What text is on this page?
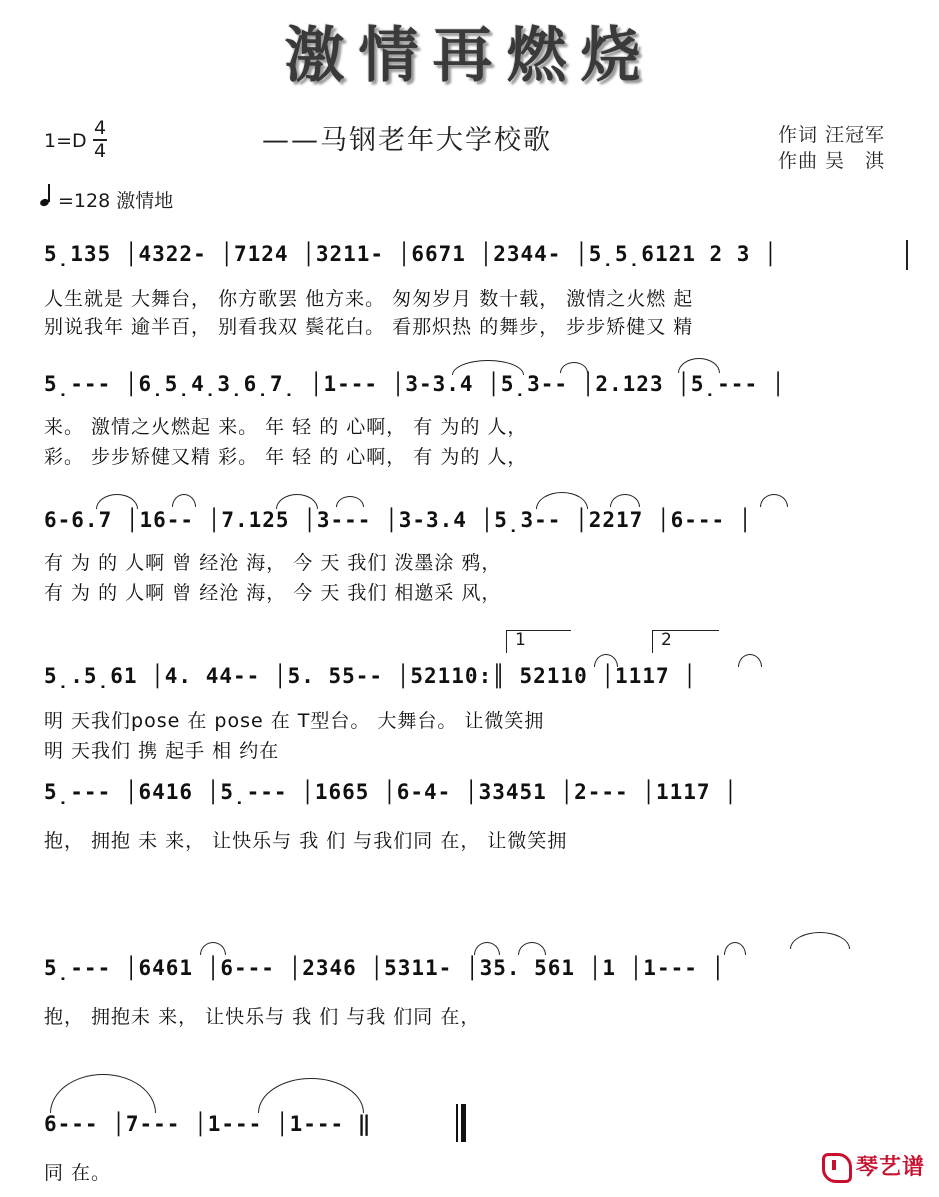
激情再燃烧
——马钢老年大学校歌	作词 汪冠军
作曲 吴　淇
1=D
4
4
=128 激情地
5̣135 │4322- │7124 │3211- │6671 │2344- │5̣5̣6121 2 3 │
人生就是 大舞台， 你方歌罢 他方来。 匆匆岁月 数十载， 激情之火燃 起
别说我年 逾半百， 别看我双 鬓花白。 看那炽热 的舞步， 步步矫健又 精
5̣--- │6̣5̣4̣3̣6̣7̣ │1--- │3-3.4 │5̣3-- │2.123 │5̣--- │
来。 激情之火燃起 来。 年 轻 的 心啊， 有 为的 人，
彩。 步步矫健又精 彩。 年 轻 的 心啊， 有 为的 人，
6-6.7 │16-- │7.125 │3--- │3-3.4 │5̣3-- │2217 │6--- │
有 为 的 人啊 曾 经沧 海， 今 天 我们 泼墨涂 鸦，
有 为 的 人啊 曾 经沧 海， 今 天 我们 相邀采 风，
1	2
5̣.5̣61 │4. 44-- │5. 55-- │52110:║ 52110 │1117 │
明 天我们pose 在 pose 在 T型台。 大舞台。 让微笑拥
明 天我们 携 起手 相 约在
5̣--- │6416 │5̣--- │1665 │6-4- │33451 │2--- │1117 │
抱， 拥抱 未 来， 让快乐与 我 们 与我们同 在， 让微笑拥
5̣--- │6461 │6--- │2346 │5311- │35. 561 │1 │1--- │
抱， 拥抱未 来， 让快乐与 我 们 与我 们同 在，
6--- │7--- │1--- │1--- ‖
同 在。	琴艺谱
